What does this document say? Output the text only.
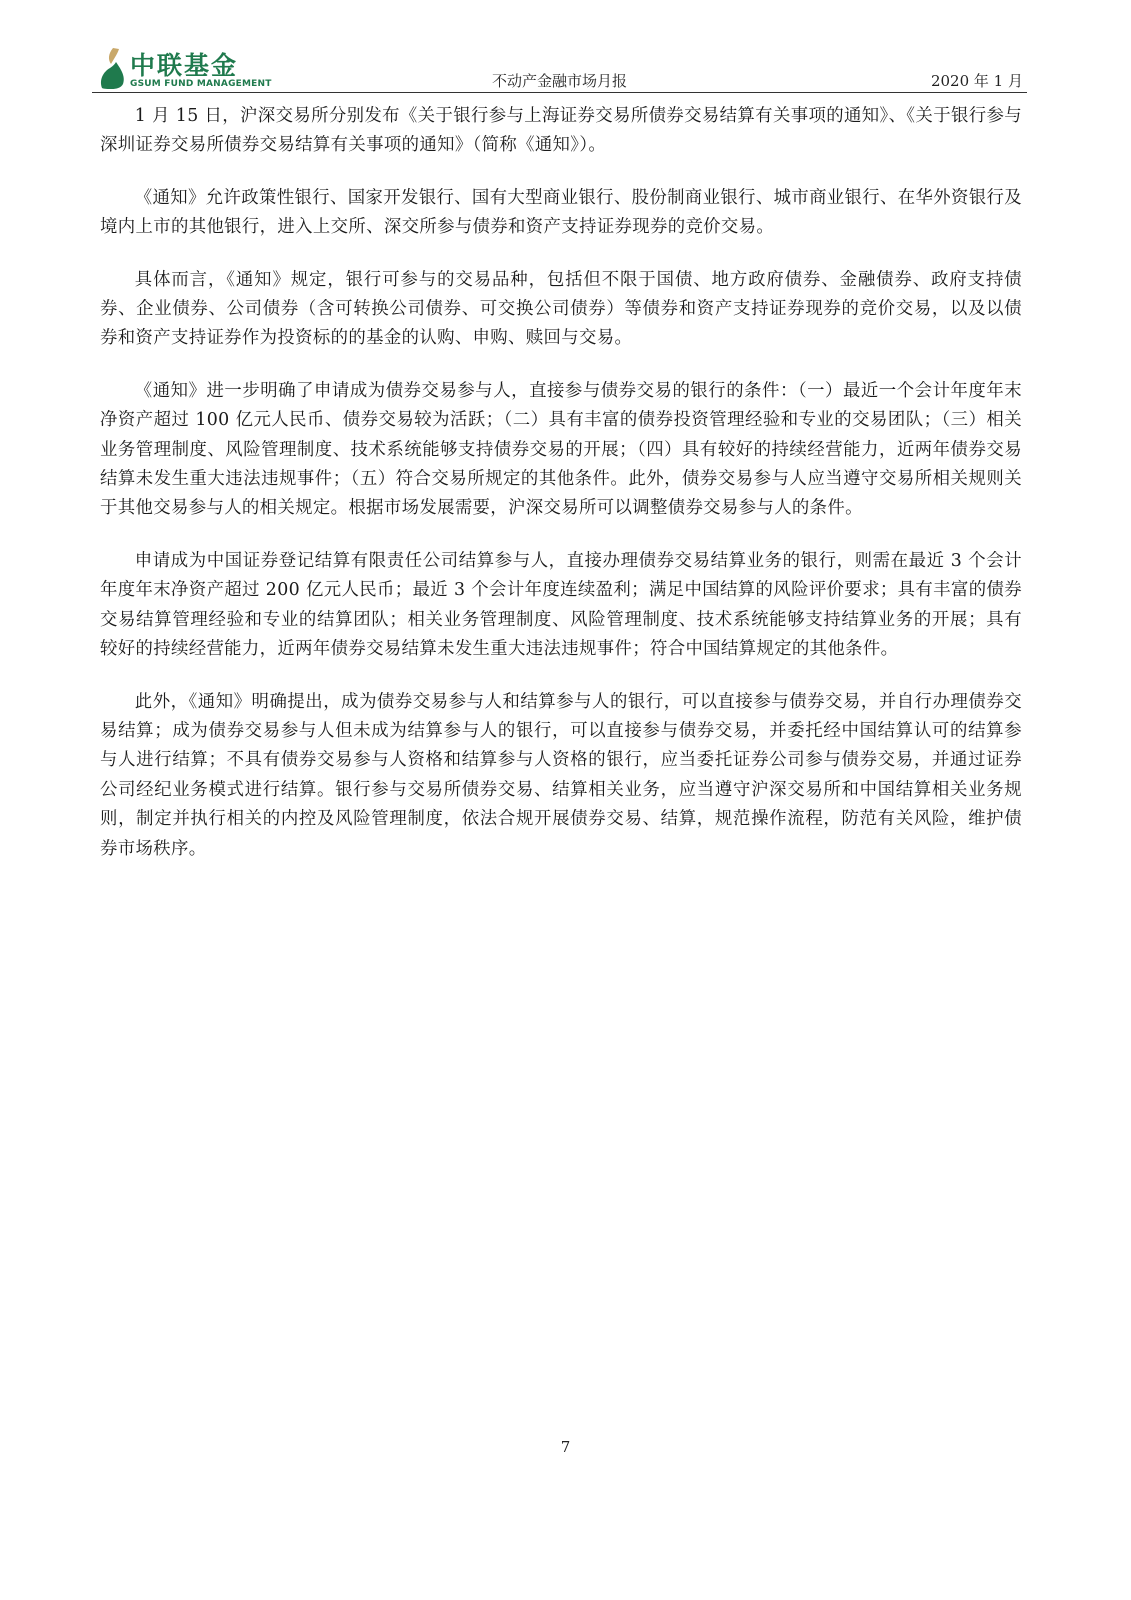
中联基金
GSUM FUND MANAGEMENT	不动产金融市场月报	2020 年 1 月

1 月 15 日，沪深交易所分别发布《关于银行参与上海证券交易所债券交易结算有关事项的通知》、《关于银行参与深圳证券交易所债券交易结算有关事项的通知》（简称《通知》）。

《通知》允许政策性银行、国家开发银行、国有大型商业银行、股份制商业银行、城市商业银行、在华外资银行及境内上市的其他银行，进入上交所、深交所参与债券和资产支持证券现券的竞价交易。

具体而言，《通知》规定，银行可参与的交易品种，包括但不限于国债、地方政府债券、金融债券、政府支持债券、企业债券、公司债券（含可转换公司债券、可交换公司债券）等债券和资产支持证券现券的竞价交易，以及以债券和资产支持证券作为投资标的的基金的认购、申购、赎回与交易。

《通知》进一步明确了申请成为债券交易参与人，直接参与债券交易的银行的条件：（一）最近一个会计年度年末净资产超过 100 亿元人民币、债券交易较为活跃；（二）具有丰富的债券投资管理经验和专业的交易团队；（三）相关业务管理制度、风险管理制度、技术系统能够支持债券交易的开展；（四）具有较好的持续经营能力，近两年债券交易结算未发生重大违法违规事件；（五）符合交易所规定的其他条件。此外，债券交易参与人应当遵守交易所相关规则关于其他交易参与人的相关规定。根据市场发展需要，沪深交易所可以调整债券交易参与人的条件。

申请成为中国证券登记结算有限责任公司结算参与人，直接办理债券交易结算业务的银行，则需在最近 3 个会计年度年末净资产超过 200 亿元人民币；最近 3 个会计年度连续盈利；满足中国结算的风险评价要求；具有丰富的债券交易结算管理经验和专业的结算团队；相关业务管理制度、风险管理制度、技术系统能够支持结算业务的开展；具有较好的持续经营能力，近两年债券交易结算未发生重大违法违规事件；符合中国结算规定的其他条件。

此外，《通知》明确提出，成为债券交易参与人和结算参与人的银行，可以直接参与债券交易，并自行办理债券交易结算；成为债券交易参与人但未成为结算参与人的银行，可以直接参与债券交易，并委托经中国结算认可的结算参与人进行结算；不具有债券交易参与人资格和结算参与人资格的银行，应当委托证券公司参与债券交易，并通过证券公司经纪业务模式进行结算。银行参与交易所债券交易、结算相关业务，应当遵守沪深交易所和中国结算相关业务规则，制定并执行相关的内控及风险管理制度，依法合规开展债券交易、结算，规范操作流程，防范有关风险，维护债券市场秩序。

7
